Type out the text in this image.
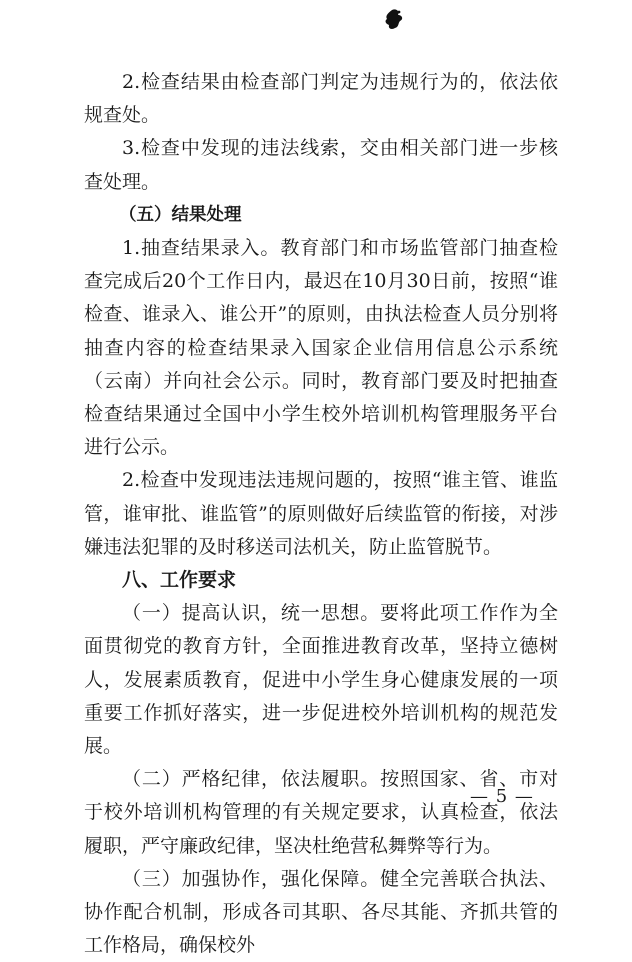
2.检查结果由检查部门判定为违规行为的，依法依规查处。

3.检查中发现的违法线索，交由相关部门进一步核查处理。

（五）结果处理

1.抽查结果录入。教育部门和市场监管部门抽查检查完成后20个工作日内，最迟在10月30日前，按照“谁检查、谁录入、谁公开”的原则，由执法检查人员分别将抽查内容的检查结果录入国家企业信用信息公示系统（云南）并向社会公示。同时，教育部门要及时把抽查检查结果通过全国中小学生校外培训机构管理服务平台进行公示。

2.检查中发现违法违规问题的，按照“谁主管、谁监管，谁审批、谁监管”的原则做好后续监管的衔接，对涉嫌违法犯罪的及时移送司法机关，防止监管脱节。

八、工作要求

（一）提高认识，统一思想。要将此项工作作为全面贯彻党的教育方针，全面推进教育改革，坚持立德树人，发展素质教育，促进中小学生身心健康发展的一项重要工作抓好落实，进一步促进校外培训机构的规范发展。

（二）严格纪律，依法履职。按照国家、省、市对于校外培训机构管理的有关规定要求，认真检查，依法履职，严守廉政纪律，坚决杜绝营私舞弊等行为。

（三）加强协作，强化保障。健全完善联合执法、协作配合机制，形成各司其职、各尽其能、齐抓共管的工作格局，确保校外

— 5 —
